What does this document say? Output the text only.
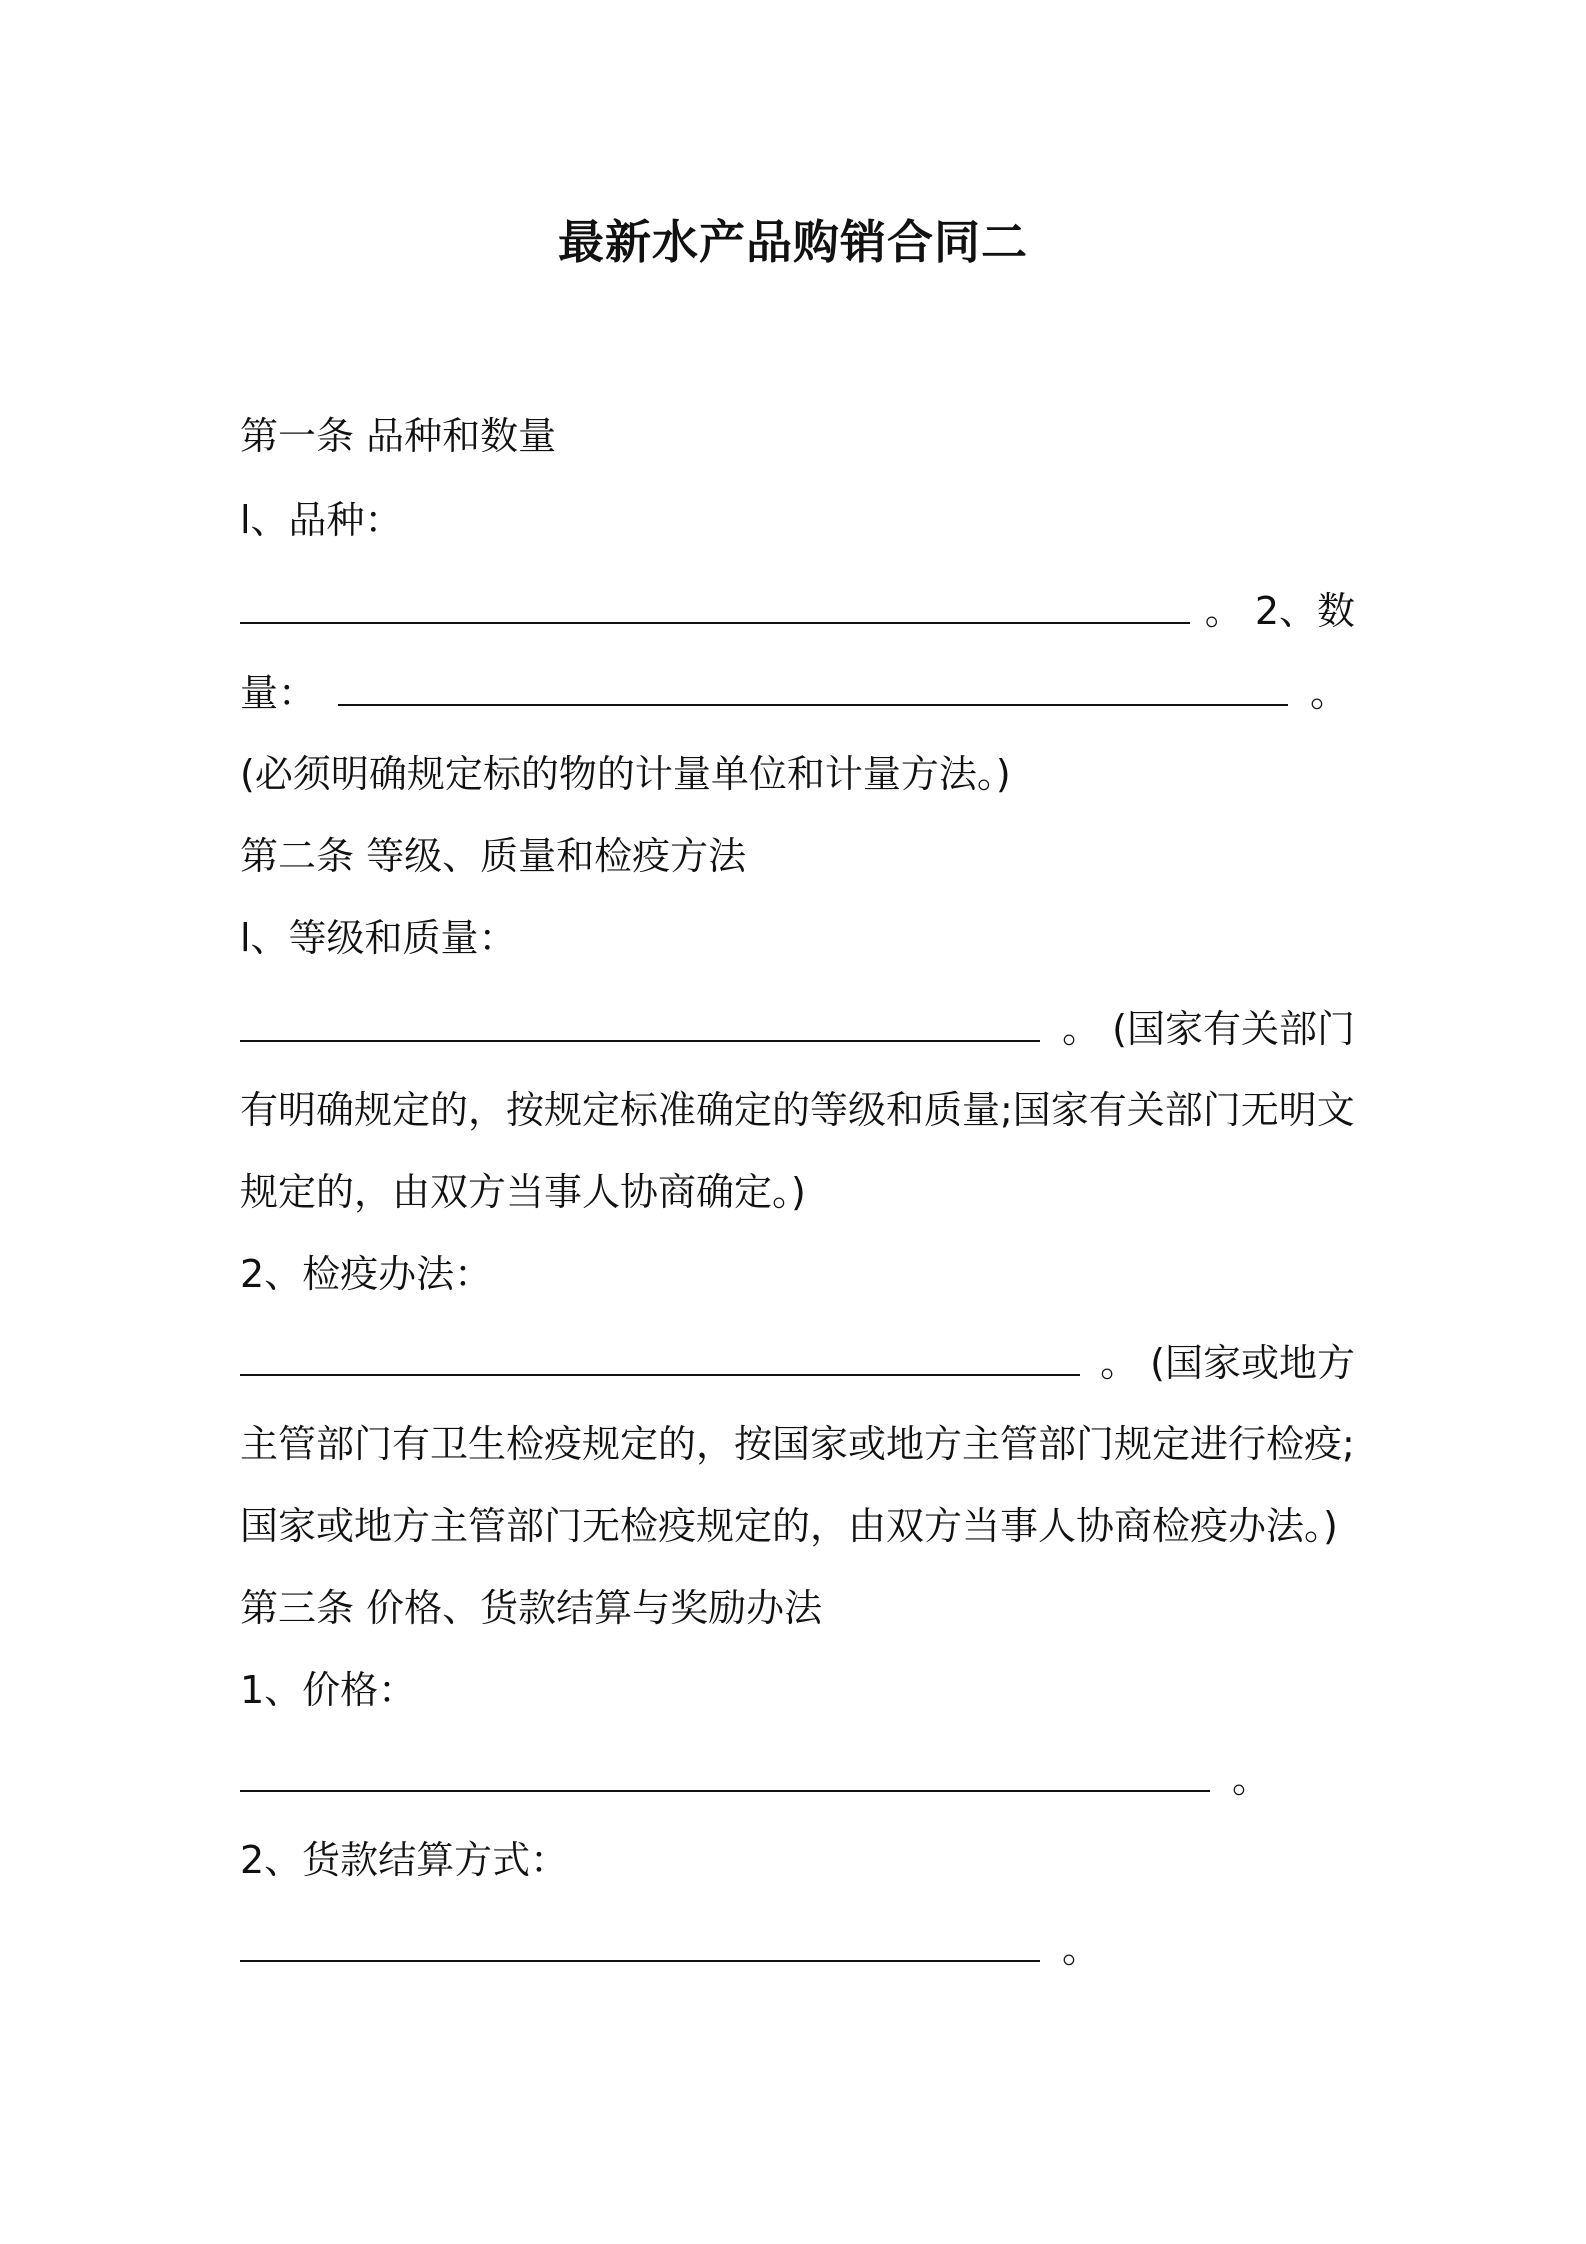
最新水产品购销合同二
第一条 品种和数量
l、品种：
。 2、数
量：	。
(必须明确规定标的物的计量单位和计量方法。)
第二条 等级、质量和检疫方法
l、等级和质量：
。 (国家有关部门
有明确规定的，按规定标准确定的等级和质量;国家有关部门无明文
规定的，由双方当事人协商确定。)
2、检疫办法：
。 (国家或地方
主管部门有卫生检疫规定的，按国家或地方主管部门规定进行检疫;
国家或地方主管部门无检疫规定的，由双方当事人协商检疫办法。)
第三条 价格、货款结算与奖励办法
1、价格：
。
2、货款结算方式：
。
